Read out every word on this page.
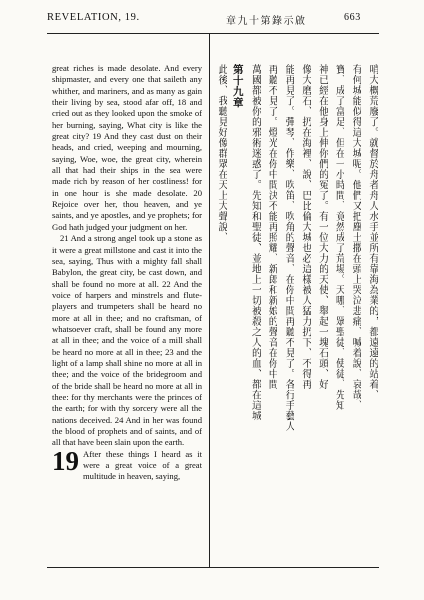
REVELATION, 19.	章九十第錄示啟	663

great riches is made desolate. And every shipmaster, and every one that saileth any whither, and mariners, and as many as gain their living by sea, stood afar off, 18 and cried out as they looked upon the smoke of her burning, saying, What city is like the great city? 19 And they cast dust on their heads, and cried, weeping and mourning, saying, Woe, woe, the great city, wherein all that had their ships in the sea were made rich by reason of her costliness! for in one hour is she made desolate. 20 Rejoice over her, thou heaven, and ye saints, and ye apostles, and ye prophets; for God hath judged your judgment on her.

21 And a strong angel took up a stone as it were a great millstone and cast it into the sea, saying, Thus with a mighty fall shall Babylon, the great city, be cast down, and shall be found no more at all. 22 And the voice of harpers and minstrels and flute-players and trumpeters shall be heard no more at all in thee; and no craftsman, of whatsoever craft, shall be found any more at all in thee; and the voice of a mill shall be heard no more at all in thee; 23 and the light of a lamp shall shine no more at all in thee; and the voice of the bridegroom and of the bride shall be heard no more at all in thee: for thy merchants were the princes of the earth; for with thy sorcery were all the nations deceived. 24 And in her was found the blood of prophets and of saints, and of all that have been slain upon the earth.

19 After these things I heard as it were a great voice of a great multitude in heaven, saying,

哨大概荒廢了。就督於舟者舟人水手並所有靠海為業的，都遠遠的站着、
有何城能似得這大城呢。他們又把塵土撒在頭上哭泣悲痛、喊着說、哀哉、
寶、成了富足、但在一小時間、竟然成了荒場。天哪、眾聖徒、使徒、先知
神已經在他身上伸你們的冤了。有一位大力的天使、舉起一塊石頭、好
像大磨石、扔在海裡、說、巴比倫大城也必這樣被人猛力扔下、不得再
能再見了。彈琴、作樂、吹笛、吹角的聲音、在你中間再聽不見了。各行手藝人
再聽不見了。燈光在你中間決不能再照耀、新郎和新娘的聲音在你中間
萬國都被你的邪術迷惑了。先知和聖徒、並地上一切被殺之人的血、都在這城
第十九章
此後、我聽見好像群眾在天上大聲說、
